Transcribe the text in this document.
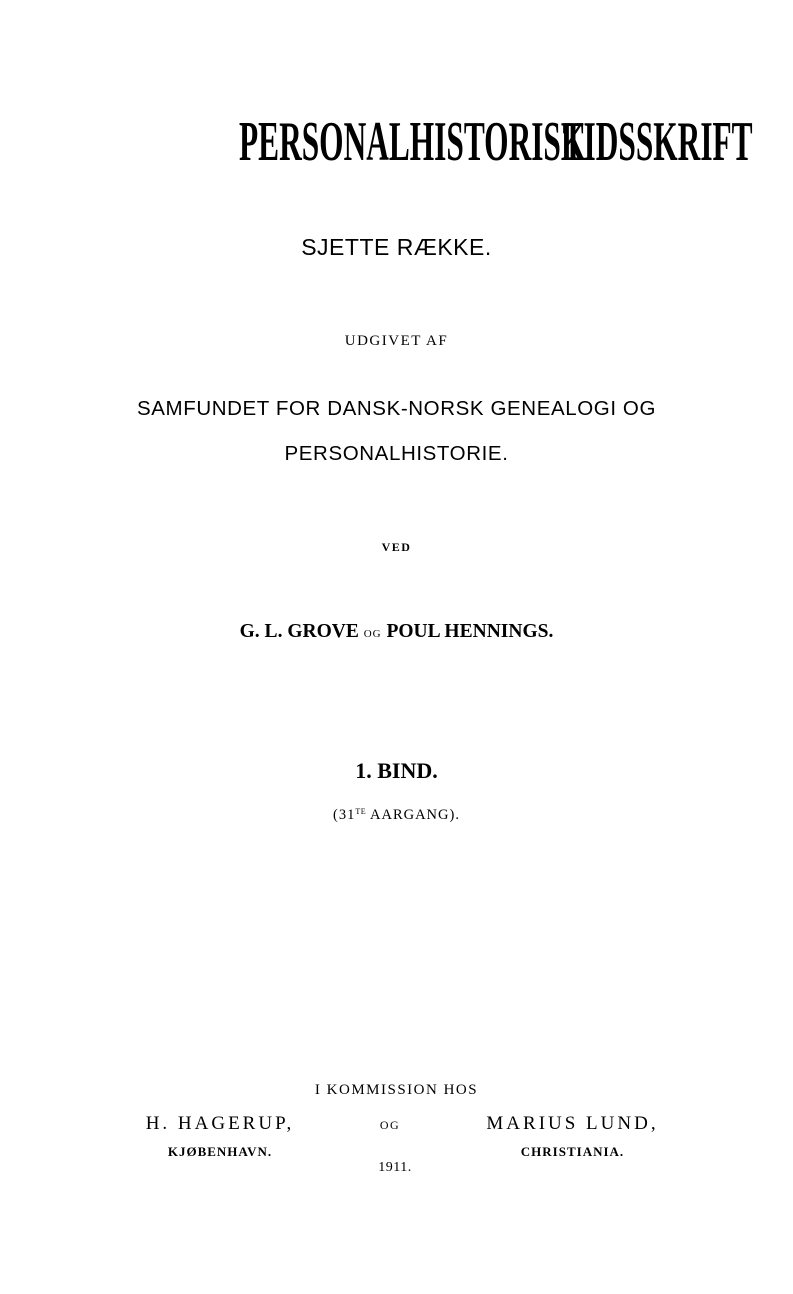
PERSONALHISTORISK
TIDSSKRIFT
SJETTE RÆKKE.
UDGIVET AF
SAMFUNDET FOR DANSK-NORSK GENEALOGI OG
PERSONALHISTORIE.
VED
G. L. GROVE OG POUL HENNINGS.
1. BIND.
($31^{TE}$ AARGANG).
I KOMMISSION HOS
H. HAGERUP,	OG	MARIUS LUND,
KJØBENHAVN.	CHRISTIANIA.
1911.
